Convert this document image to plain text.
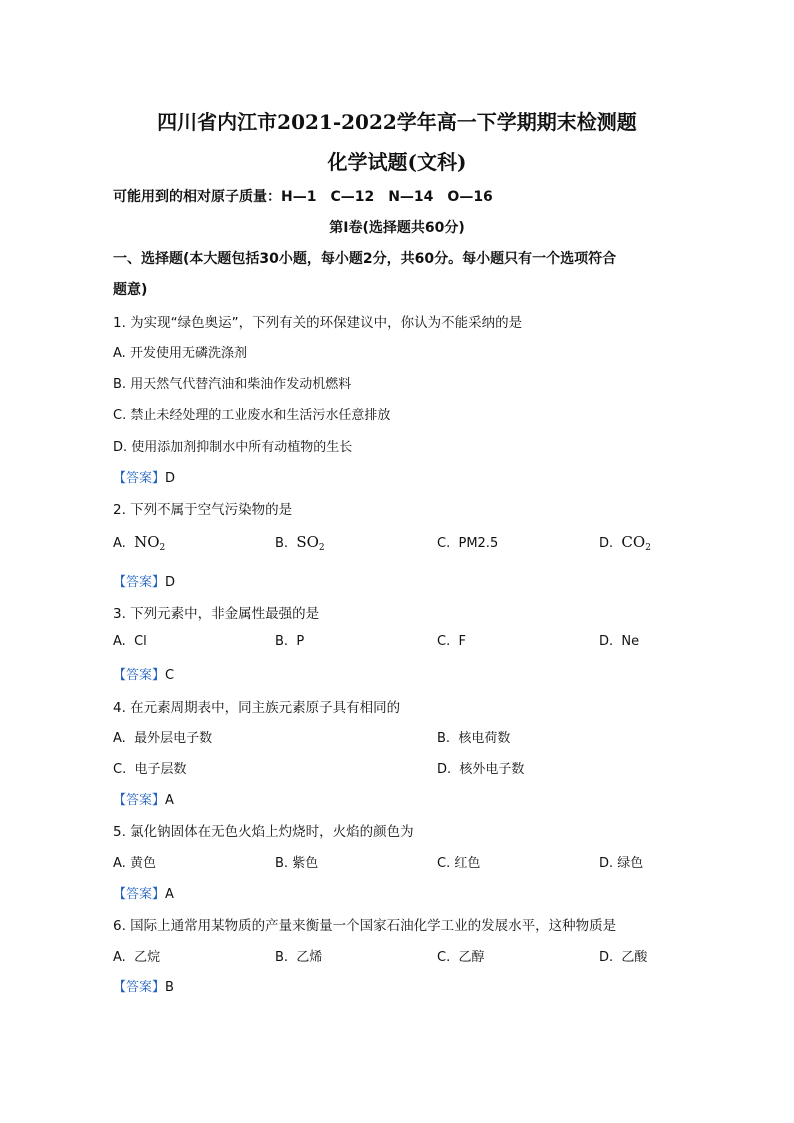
四川省内江市2021-2022学年高一下学期期末检测题
化学试题(文科)
可能用到的相对原子质量：H—1　C—12　N—14　O—16
第Ⅰ卷(选择题共60分)
一、选择题(本大题包括30小题，每小题2分，共60分。每小题只有一个选项符合
题意)
1. 为实现“绿色奥运”，下列有关的环保建议中，你认为不能采纳的是
A. 开发使用无磷洗涤剂
B. 用天然气代替汽油和柴油作发动机燃料
C. 禁止未经处理的工业废水和生活污水任意排放
D. 使用添加剂抑制水中所有动植物的生长
【答案】D
2. 下列不属于空气污染物的是
A. $NO_2$	B. $SO_2$	C. PM2.5	D. $CO_2$
【答案】D
3. 下列元素中，非金属性最强的是
A. Cl	B. P	C. F	D. Ne
【答案】C
4. 在元素周期表中，同主族元素原子具有相同的
A. 最外层电子数	B. 核电荷数
C. 电子层数	D. 核外电子数
【答案】A
5. 氯化钠固体在无色火焰上灼烧时，火焰的颜色为
A. 黄色	B. 紫色	C. 红色	D. 绿色
【答案】A
6. 国际上通常用某物质的产量来衡量一个国家石油化学工业的发展水平，这种物质是
A. 乙烷	B. 乙烯	C. 乙醇	D. 乙酸
【答案】B
